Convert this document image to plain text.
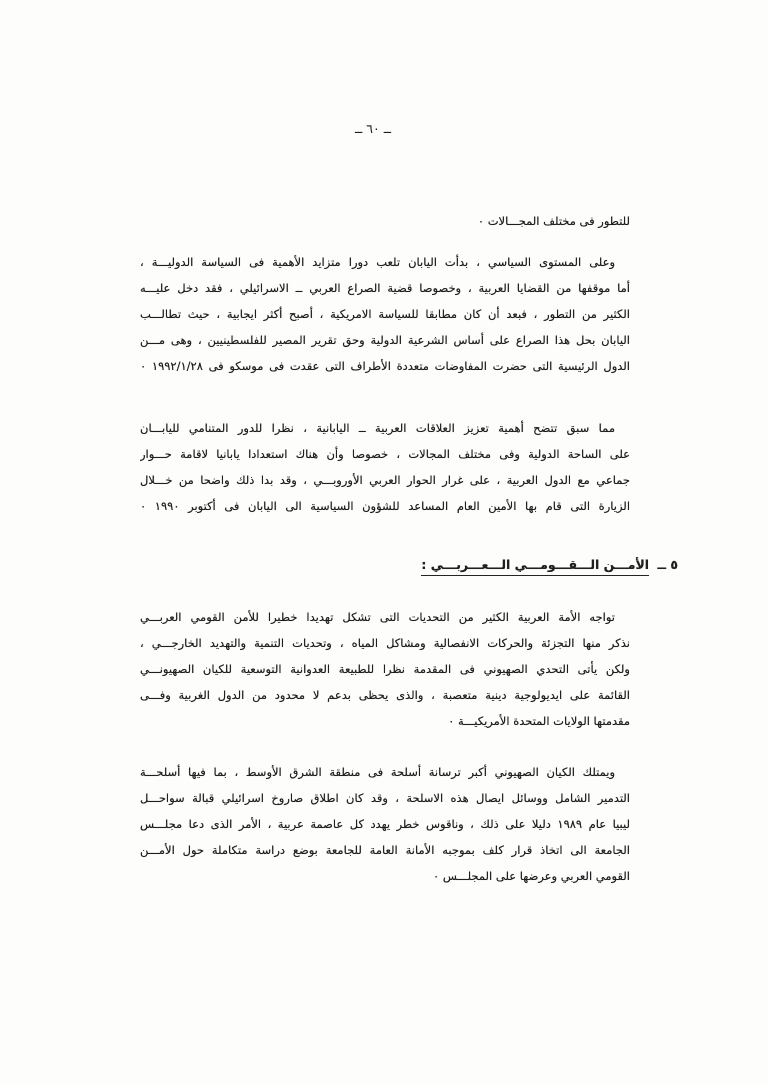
ــ ٦٠ ــ
للتطور فى مختلف المجـــالات ٠
وعلى المستوى السياسي ، بدأت اليابان تلعب دورا متزايد الأهمية فى السياسة الدوليـــة ،
أما موقفها من القضايا العربية ، وخصوصا قضية الصراع العربي ــ الاسرائيلي ، فقد دخل عليـــه
الكثير من التطور ، فبعد أن كان مطابقا للسياسة الامريكية ، أصبح أكثر ايجابية ، حيث تطالـــب
اليابان بحل هذا الصراع على أساس الشرعية الدولية وحق تقرير المصير للفلسطينيين ، وهى مـــن
الدول الرئيسية التى حضرت المفاوضات متعددة الأطراف التى عقدت فى موسكو فى ١٩٩٢/١/٢٨ ٠
مما سبق تتضح أهمية تعزيز العلاقات العربية ــ اليابانية ، نظرا للدور المتنامي لليابـــان
على الساحة الدولية وفى مختلف المجالات ، خصوصا وأن هناك استعدادا يابانيا لاقامة حـــوار
جماعي مع الدول العربية ، على غرار الحوار العربي الأوروبـــي ، وقد بدا ذلك واضحا من خـــلال
الزيارة التى قام بها الأمين العام المساعد للشؤون السياسية الى اليابان فى أكتوبر ١٩٩٠ ٠
٥ ــ الأمـــن الـــقـــومـــي الـــعـــربـــي :
تواجه الأمة العربية الكثير من التحديات التى تشكل تهديدا خطيرا للأمن القومي العربـــي
نذكر منها التجزئة والحركات الانفصالية ومشاكل المياه ، وتحديات التنمية والتهديد الخارجـــي ،
ولكن يأتى التحدي الصهيوني فى المقدمة نظرا للطبيعة العدوانية التوسعية للكيان الصهيونـــي
القائمة على ايديولوجية دينية متعصبة ، والذى يحظى بدعم لا محدود من الدول الغربية وفـــى
مقدمتها الولايات المتحدة الأمريكيـــة ٠
ويمتلك الكيان الصهيوني أكبر ترسانة أسلحة فى منطقة الشرق الأوسط ، بما فيها أسلحـــة
التدمير الشامل ووسائل ايصال هذه الاسلحة ، وقد كان اطلاق صاروخ اسرائيلي قبالة سواحـــل
ليبيا عام ١٩٨٩ دليلا على ذلك ، وناقوس خطر يهدد كل عاصمة عربية ، الأمر الذى دعا مجلـــس
الجامعة الى اتخاذ قرار كلف بموجبه الأمانة العامة للجامعة بوضع دراسة متكاملة حول الأمـــن
القومي العربي وعرضها على المجلـــس ٠
